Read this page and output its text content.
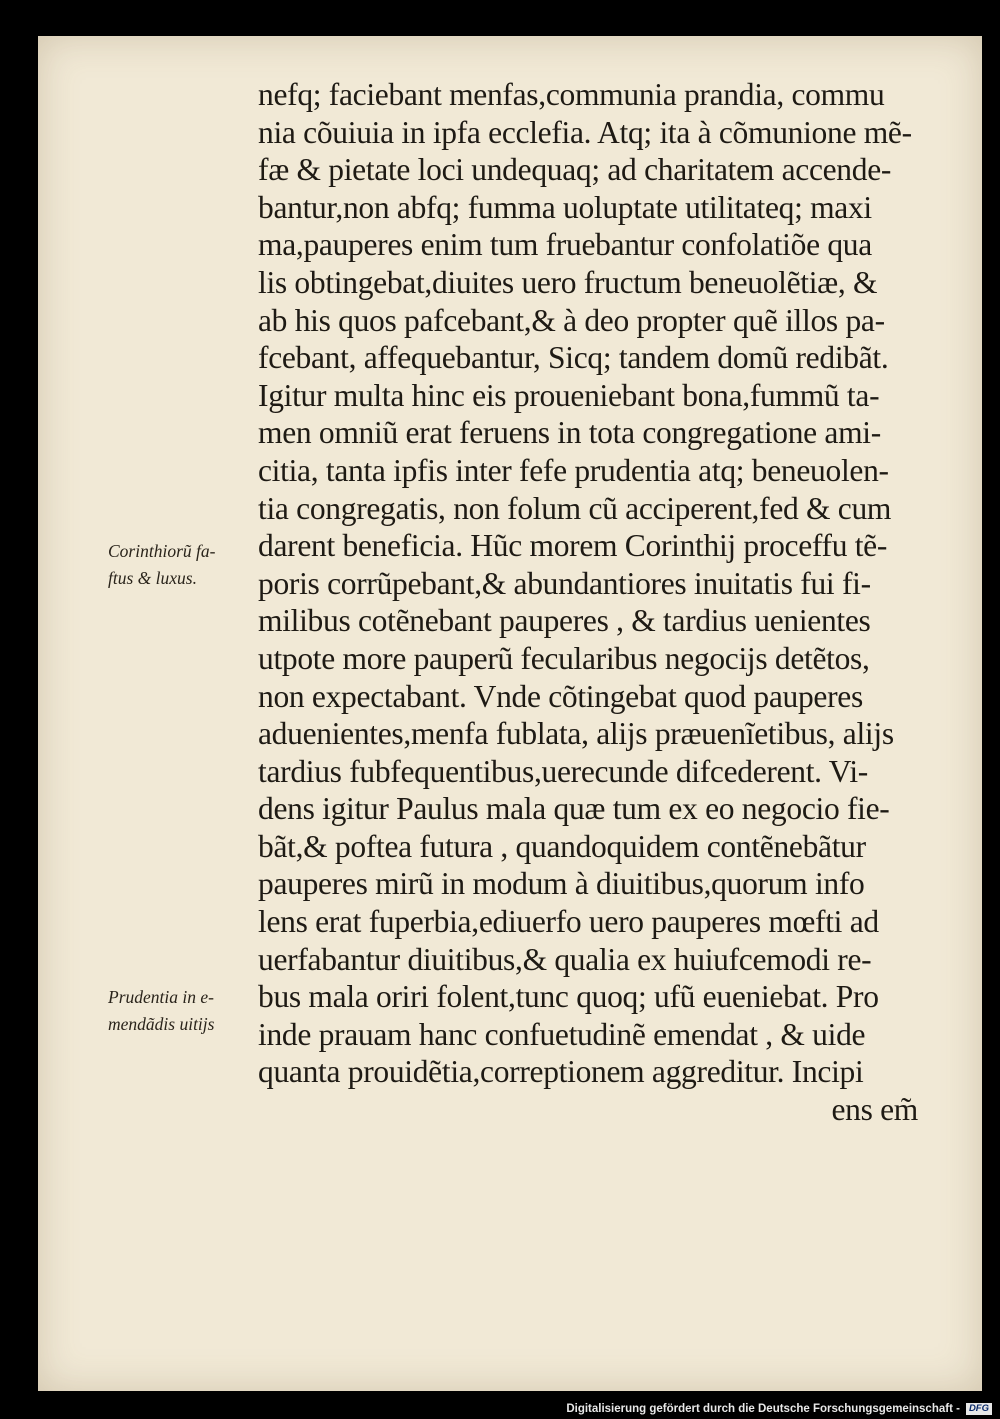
nefq; faciebant menfas,communia prandia, commu
nia cõuiuia in ipfa ecclefia. Atq; ita à cõmunione mẽ-
fæ & pietate loci undequaq; ad charitatem accende-
bantur,non abfq; fumma uoluptate utilitateq; maxi
ma,pauperes enim tum fruebantur confolatiõe qua
lis obtingebat,diuites uero fructum beneuolẽtiæ, &
ab his quos pafcebant,& à deo propter quẽ illos pa-
fcebant, affequebantur, Sicq; tandem domũ redibãt.
Igitur multa hinc eis proueniebant bona,fummũ ta-
men omniũ erat feruens in tota congregatione ami-
citia, tanta ipfis inter fefe prudentia atq; beneuolen-
tia congregatis, non folum cũ acciperent,fed & cum
darent beneficia. Hũc morem Corinthij proceffu tẽ-
poris corrũpebant,& abundantiores inuitatis fui fi-
milibus cotẽnebant pauperes , & tardius uenientes
utpote more pauperũ fecularibus negocijs detẽtos,
non expectabant. Vnde cõtingebat quod pauperes
aduenientes,menfa fublata, alijs præuenĩetibus, alijs
tardius fubfequentibus,uerecunde difcederent. Vi-
dens igitur Paulus mala quæ tum ex eo negocio fie-
bãt,& poftea futura , quandoquidem contẽnebãtur
pauperes mirũ in modum à diuitibus,quorum info
lens erat fuperbia,ediuerfo uero pauperes mœfti ad
uerfabantur diuitibus,& qualia ex huiufcemodi re-
bus mala oriri folent,tunc quoq; ufũ eueniebat. Pro
inde prauam hanc confuetudinẽ emendat , & uide
quanta prouidẽtia,correptionem aggreditur. Incipi
ens em̃
Corinthiorũ fa-
ftus & luxus.
Prudentia in e-
mendãdis uitijs
Digitalisierung gefördert durch die Deutsche Forschungsgemeinschaft - DFG
